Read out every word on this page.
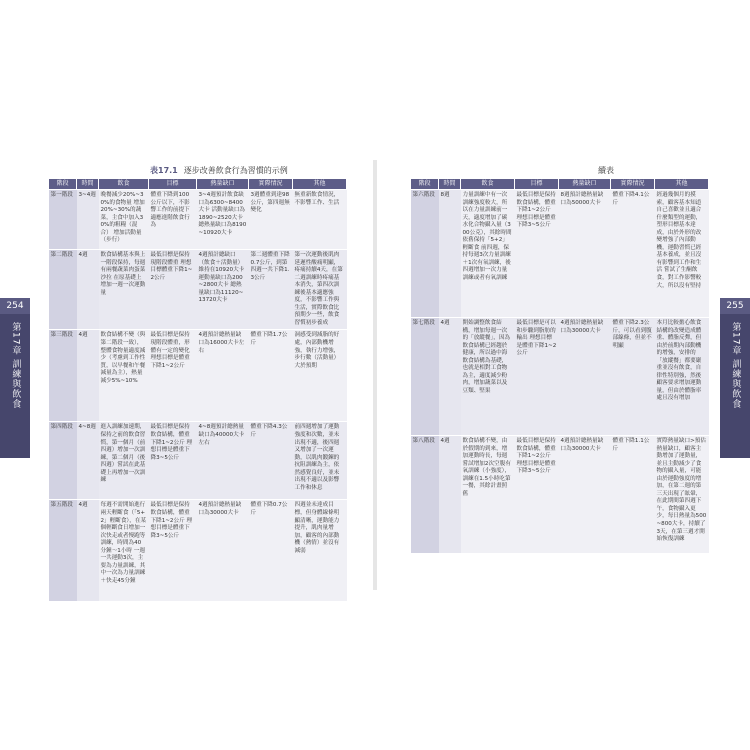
表17.1 逐步改善飲食行為習慣的示例
階段	時間	飲食	目標	熱量缺口	實際情況	其他
第一階段	3~4週	晚餐減少20%~30%的食物量 增加20%~30%的蔬菜，主食中加入30%的粗糧（混合） 增加活動量（步行）	體重下降到100公斤以下，不影響工作的前提下適應進階飲食行為	3~4週預計飲食缺口為6300~8400大卡 活動量缺口為1890~2520大卡 總熱量缺口為8190~10920大卡	3週體重到達98公斤，第四週無變化	無重新飲食情況，不影響工作、生活
第二階段	4週	飲食結構基本與上一階段保持，每週有兩餐蔬菜肉蛋菜沙拉 在原基礎上增加一週一次運動量	最低目標是保持現階段體重 理想目標體重下降1~2公斤	4週預計總缺口（飲食＋活動量）維持在10920大卡 運動量缺口為200~2800大卡 總熱量缺口為11120~13720大卡	第二週體重下降0.7公斤，到第四週一共下降1.3公斤	第一次運動後肌肉延遲性酸痛明顯，疼痛持續4天，在第二週訓練時疼痛基本消失，第四次訓練後基本適應強度，不影響工作與生活，實際飲食比預期少一些，飲食習慣初步養成
第三階段	4週	飲食結構不變（與第二階段一致），整體食物量適度減少（考慮到工作性質，以早餐和午餐減量為主），熱量減少5%~10%	最低目標是保持現階段體重，形體有一定的變化 理想目標是體重下降1~2公斤	4週預計總熱量缺口為16000大卡左右	體重下降1.7公斤	洞感受到減脂的好處，內部動機增強，執行力增強，步行數（活動量）大於預期
第四階段	4~8週	進入訓練加速期，保持之前的飲食習慣，第一個月（前四週）增加一次訓練，第二個月（後四週）嘗試在此基礎上再增加一次訓練	最低目標是保持飲食結構，體重下降1~2公斤 理想目標是體重下降3~5公斤	4~8週預計總熱量缺口為40000大卡左右	體重下降4.3公斤	前四週增加了運動強度和次數，並未出現不適，後四週又增加了一次運動，以肌肉鍛鍊的抗阻訓練為主，依然感覺良好，並未出現不適以及影響工作和休息
第五階段	4週	每週不需開始進行兩天輕斷食（「5+2」輕斷食），在某個輕斷食日增加一次快走或者慢跑等訓練，時間為40分鐘～1小時 一週一共運動3次，主要為力量訓練，其中一次為力量訓練＋快走45分鐘	最低目標是保持飲食結構，體重下降1~2公斤 理想目標是體重下降3~5公斤	4週預計總熱量缺口為30000大卡	體重下降0.7公斤	四週並未達成目標，但身體線條明顯清晰，運動能力提升，肌肉量增加，顧客的內部動機（熱情）並沒有減弱
254
第17章 訓練與飲食
續表
階段	時間	飲食	目標	熱量缺口	實際情況	其他
第六階段	8週	力量訓練中有一次訓練強度較大，所以在力量訓練前一天，適度增加了碳水化合物攝入量（300公克），其餘時間依舊保持「5+2」輕斷食 前四週，保持每週3次力量訓練＋1次有氧訓練，後四週增加一次力量訓練或者有氧訓練	最低目標是保持飲食結構，體重下降1~2公斤 理想目標是體重下降3~5公斤	8週預計總熱量缺口為50000大卡	體重下降4.1公斤	經過幾個月的摸索，顧客基本知道自己喜歡並且適合什麼類型的運動，塑形目標基本達成，由於外形的改變增強了內部動機，運動習慣已經基本養成，並且沒有影響到工作和生活 嘗試了生酮飲食，對工作影響較大，所以沒有堅持
第七階段	4週	開始調整飲食結構，增加每週一次的「放縱餐」，因為飲食結構已經趨於健康，所以過中海飲食結構為基礎，也就是相對工食物為主，適度減少粉肉，增加蔬菜以及豆類、堅果	最低目標是可以和步驟到脂肪的輸出 理想目標是體重下降1~2公斤	4週預計總熱量缺口為30000大卡	體重下降2.3公斤，可以看到腹部線條，但並不明顯	本月比較擔心飲食結構的改變造成體重、體脂反彈，但由於前期內部動機的增強，安排的「放縱餐」都要嚴重並沒有飲食，自律性特別強，然後顧客要求增加運動量，但由於體脂率處且沒有增加
第八階段	4週	飲食結構不變，由於假期的到來，增加運動時長，每週嘗試增加2次空腹有氧訓練（小強度），訓練在1.5小時吃第一餐，其餘計畫照舊	最低目標是保持飲食結構，體重下降1~2公斤 理想目標是體重下降3~5公斤	4週預計總熱量缺口為30000大卡	體重下降1.1公斤	實際熱量缺口>預估熱量缺口，顧客主動增加了運動量，並且主動減少了食物的攝入量，可能由於運動強度的增加，在第二週的第三天出現了眩暈，在此期間第四週下午，食物攝入更少，每日熱量為500~800大卡，持續了3天，在第三週才開始恢復訓練
255
第17章 訓練與飲食
